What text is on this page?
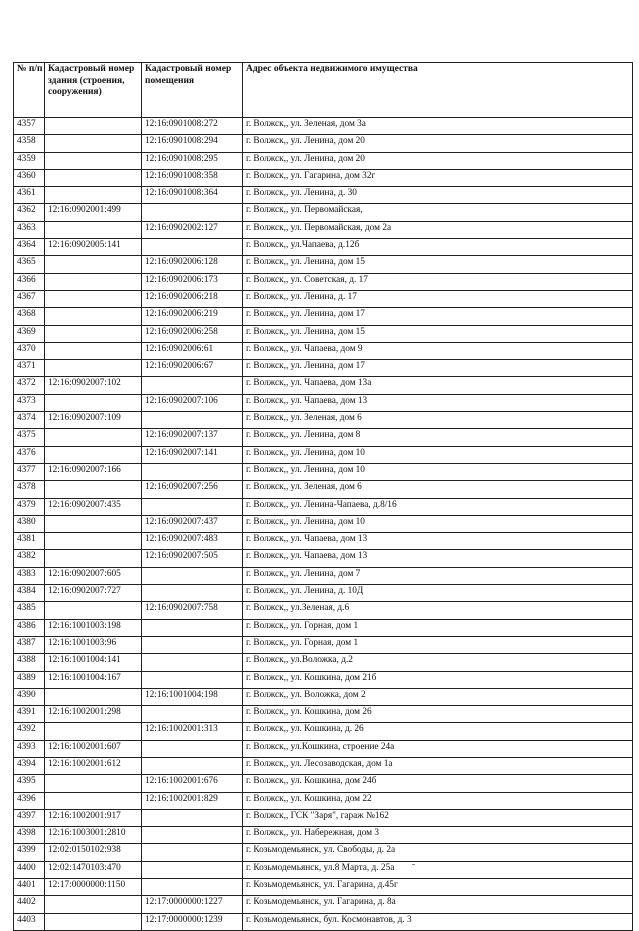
№ п/п	Кадастровый номер здания (строения, сооружения)	Кадастровый номер помещения	Адрес объекта недвижимого имущества
4357		12:16:0901008:272	г. Волжск,, ул. Зеленая, дом 3а
4358		12:16:0901008:294	г. Волжск,, ул. Ленина, дом 20
4359		12:16:0901008:295	г. Волжск,, ул. Ленина, дом 20
4360		12:16:0901008:358	г. Волжск,, ул. Гагарина, дом 32г
4361		12:16:0901008:364	г. Волжск,, ул. Ленина, д. 30
4362	12:16:0902001:499		г. Волжск,, ул. Первомайская,
4363		12:16:0902002:127	г. Волжск,, ул. Первомайская, дом 2а
4364	12:16:0902005:141		г. Волжск,, ул.Чапаева, д.12б
4365		12:16:0902006:128	г. Волжск,, ул. Ленина, дом 15
4366		12:16:0902006:173	г. Волжск,, ул. Советская, д. 17
4367		12:16:0902006:218	г. Волжск,, ул. Ленина, д. 17
4368		12:16:0902006:219	г. Волжск,, ул. Ленина, дом 17
4369		12:16:0902006:258	г. Волжск,, ул. Ленина, дом 15
4370		12:16:0902006:61	г. Волжск,, ул. Чапаева, дом 9
4371		12:16:0902006:67	г. Волжск,, ул. Ленина, дом 17
4372	12:16:0902007:102		г. Волжск,, ул. Чапаева, дом 13а
4373		12:16:0902007:106	г. Волжск,, ул. Чапаева, дом 13
4374	12:16:0902007:109		г. Волжск,, ул. Зеленая, дом 6
4375		12:16:0902007:137	г. Волжск,, ул. Ленина, дом 8
4376		12:16:0902007:141	г. Волжск,, ул. Ленина, дом 10
4377	12:16:0902007:166		г. Волжск,, ул. Ленина, дом 10
4378		12:16:0902007:256	г. Волжск,, ул. Зеленая, дом 6
4379	12:16:0902007:435		г. Волжск,, ул. Ленина-Чапаева, д.8/16
4380		12:16:0902007:437	г. Волжск,, ул. Ленина, дом 10
4381		12:16:0902007:483	г. Волжск,, ул. Чапаева, дом 13
4382		12:16:0902007:505	г. Волжск,, ул. Чапаева, дом 13
4383	12:16:0902007:605		г. Волжск,, ул. Ленина, дом 7
4384	12:16:0902007:727		г. Волжск,, ул. Ленина, д. 10Д
4385		12:16:0902007:758	г. Волжск,, ул.Зеленая, д.6
4386	12:16:1001003:198		г. Волжск,, ул. Горная, дом 1
4387	12:16:1001003:96		г. Волжск,, ул. Горная, дом 1
4388	12:16:1001004:141		г. Волжск,, ул.Воложка, д.2
4389	12:16:1001004:167		г. Волжск,, ул. Кошкина, дом 21б
4390		12:16:1001004:198	г. Волжск,, ул. Воложка, дом 2
4391	12:16:1002001:298		г. Волжск,, ул. Кошкина, дом 26
4392		12:16:1002001:313	г. Волжск,, ул. Кошкина, д. 26
4393	12:16:1002001:607		г. Волжск,, ул.Кошкина, строение 24а
4394	12:16:1002001:612		г. Волжск,, ул. Лесозаводская, дом 1а
4395		12:16:1002001:676	г. Волжск,, ул. Кошкина, дом 24б
4396		12:16:1002001:829	г. Волжск,, ул. Кошкина, дом 22
4397	12:16:1002001:917		г. Волжск,, ГСК "Заря", гараж №162
4398	12:16:1003001:2810		г. Волжск,, ул. Набережная, дом 3
4399	12:02:0150102:938		г. Козьмодемьянск, ул. Свободы, д. 2а
4400	12:02:1470103:470		г. Козьмодемьянск, ул.8 Марта, д. 25а
4401	12:17:0000000:1150		г. Козьмодемьянск, ул. Гагарина, д.45г
4402		12:17:0000000:1227	г. Козьмодемьянск, ул. Гагарина, д. 8а
4403		12:17:0000000:1239	г. Козьмодемьянск, бул. Космонавтов, д. 3
